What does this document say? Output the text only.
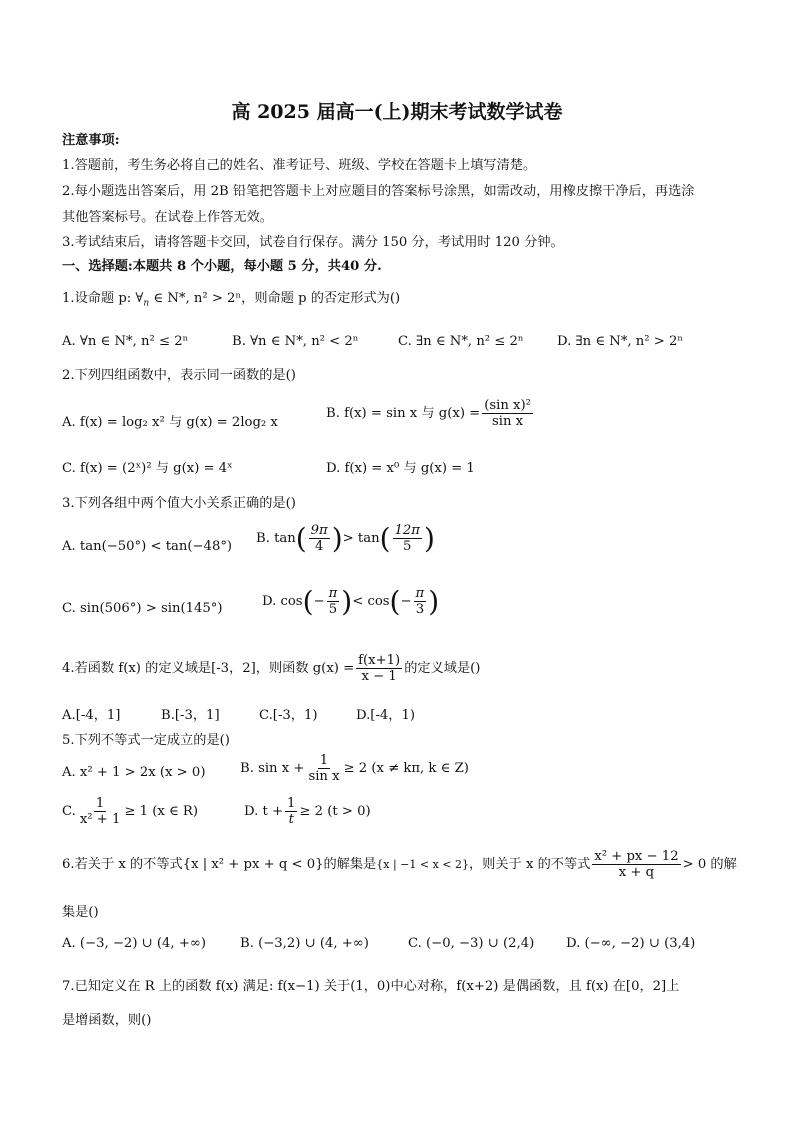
高 2025 届高一(上)期末考试数学试卷
注意事项:
1.答题前，考生务必将自己的姓名、准考证号、班级、学校在答题卡上填写清楚。
2.每小题选出答案后，用 2B 铅笔把答题卡上对应题目的答案标号涂黑，如需改动，用橡皮擦干净后，再选涂
其他答案标号。在试卷上作答无效。
3.考试结束后，请将答题卡交回，试卷自行保存。满分 150 分，考试用时 120 分钟。
一、选择题:本题共 8 个小题，每小题 5 分，共40 分.
1.设命题 p: $\forall_n$ ∈ N*, n² > 2ⁿ，则命题 p 的否定形式为()
A. ∀n ∈ N*, n² ≤ 2ⁿ	B. ∀n ∈ N*, n² < 2ⁿ	C. ∃n ∈ N*, n² ≤ 2ⁿ	D. ∃n ∈ N*, n² > 2ⁿ
2.下列四组函数中，表示同一函数的是()
A. f(x) = log₂ x² 与 g(x) = 2log₂ x
B. f(x) = sin x 与 $g(x) = \frac{\text{(sin x)²}}{\text{sin x}}$
C. f(x) = (2ˣ)² 与 g(x) = 4ˣ	D. f(x) = x⁰ 与 g(x) = 1
3.下列各组中两个值大小关系正确的是()
A. tan(−50°) < tan(−48°)
B. tan ( $\frac{9\pi}{4}$ ) > tan ( $\frac{12\pi}{5}$ )
C. sin(506°) > sin(145°)	D. cos ( − $\frac{\pi}{5}$ ) < cos ( − $\frac{\pi}{3}$ )
4.若函数 f(x) 的定义域是[-3，2]，则函数 $g(x) = \frac{f(x+1)}{x - 1}$ 的定义域是()
A.[-4，1]	B.[-3，1]	C.[-3，1)	D.[-4，1)
5.下列不等式一定成立的是()
A. x² + 1 > 2x (x > 0)	B. $\sin x + \frac{1}{\text{sin x}} \ge 2$ (x ≠ kπ, k ∈ Z)
C. $\frac{1}{\text{x² + 1}} \ge 1$ (x ∈ R)	D. $t + \frac{1}{t} \ge 2$ (t > 0)
6.若关于 x 的不等式 {x | x² + px + q < 0} 的解集是 {x | −1 < x < 2} ，则关于 x 的不等式 $\frac{\text{x² + px − 12}}{x + q} > 0$ 的解
集是()
A. (−3, −2) ∪ (4, +∞)	B. (−3,2) ∪ (4, +∞)	C. (−0, −3) ∪ (2,4) D. (−∞, −2) ∪ (3,4)
7.已知定义在 R 上的函数 f(x) 满足: f(x−1) 关于(1，0)中心对称，f(x+2) 是偶函数，且 f(x) 在[0，2]上
是增函数，则()
